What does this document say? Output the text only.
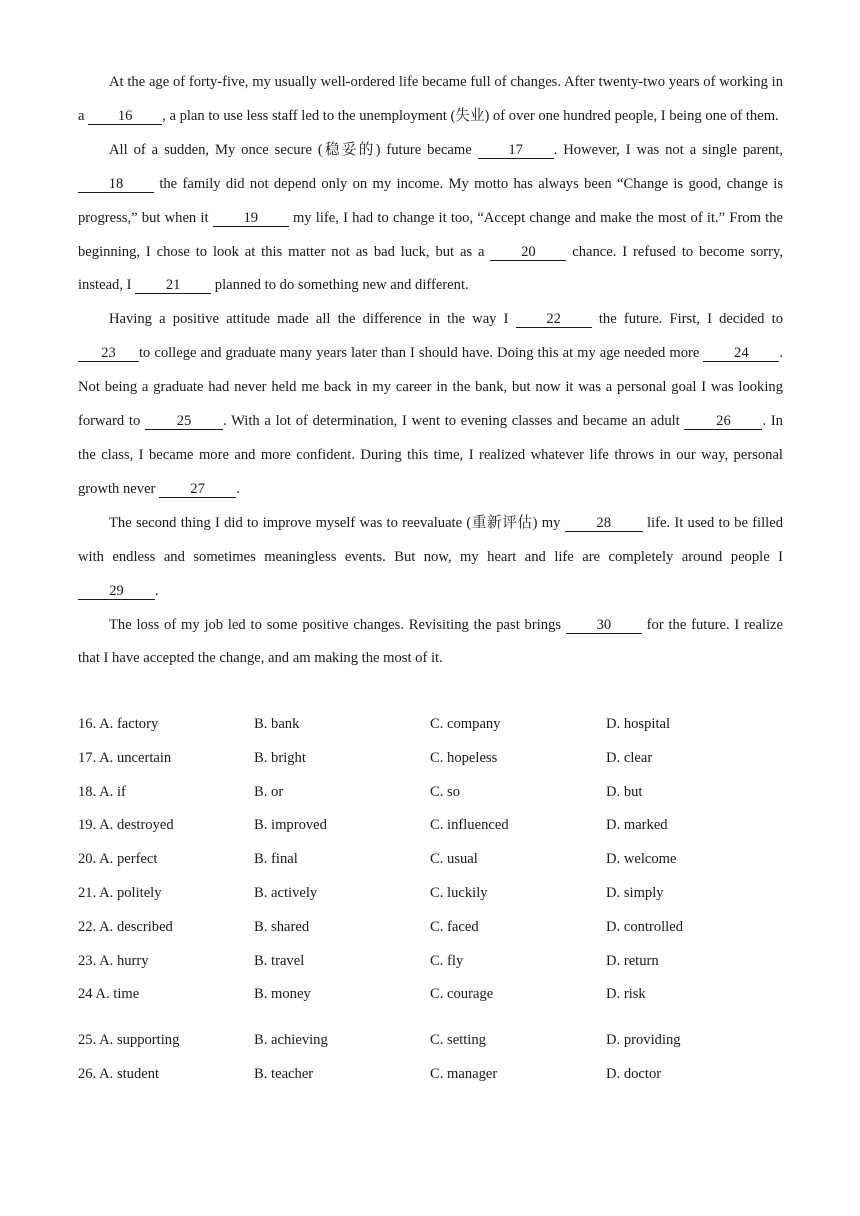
At the age of forty-five, my usually well-ordered life became full of changes. After twenty-two years of working in a 16 , a plan to use less staff led to the unemployment (失业) of over one hundred people, I being one of them.

All of a sudden, My once secure (稳妥的) future became 17 . However, I was not a single parent, 18 the family did not depend only on my income. My motto has always been “Change is good, change is progress,” but when it 19 my life, I had to change it too, “Accept change and make the most of it.” From the beginning, I chose to look at this matter not as bad luck, but as a 20 chance. I refused to become sorry, instead, I 21 planned to do something new and different.

Having a positive attitude made all the difference in the way I 22 the future. First, I decided to 23 to college and graduate many years later than I should have. Doing this at my age needed more 24 . Not being a graduate had never held me back in my career in the bank, but now it was a personal goal I was looking forward to 25 . With a lot of determination, I went to evening classes and became an adult 26 . In the class, I became more and more confident. During this time, I realized whatever life throws in our way, personal growth never 27 .

The second thing I did to improve myself was to reevaluate (重新评估) my 28 life. It used to be filled with endless and sometimes meaningless events. But now, my heart and life are completely around people I 29 .

The loss of my job led to some positive changes. Revisiting the past brings 30 for the future. I realize that I have accepted the change, and am making the most of it.

16. A. factory	B. bank	C. company	D. hospital
17. A. uncertain	B. bright	C. hopeless	D. clear
18. A. if	B. or	C. so	D. but
19. A. destroyed	B. improved	C. influenced	D. marked
20. A. perfect	B. final	C. usual	D. welcome
21. A. politely	B. actively	C. luckily	D. simply
22. A. described	B. shared	C. faced	D. controlled
23. A. hurry	B. travel	C. fly	D. return
24 A. time	B. money	C. courage	D. risk
25. A. supporting	B. achieving	C. setting	D. providing
26. A. student	B. teacher	C. manager	D. doctor
